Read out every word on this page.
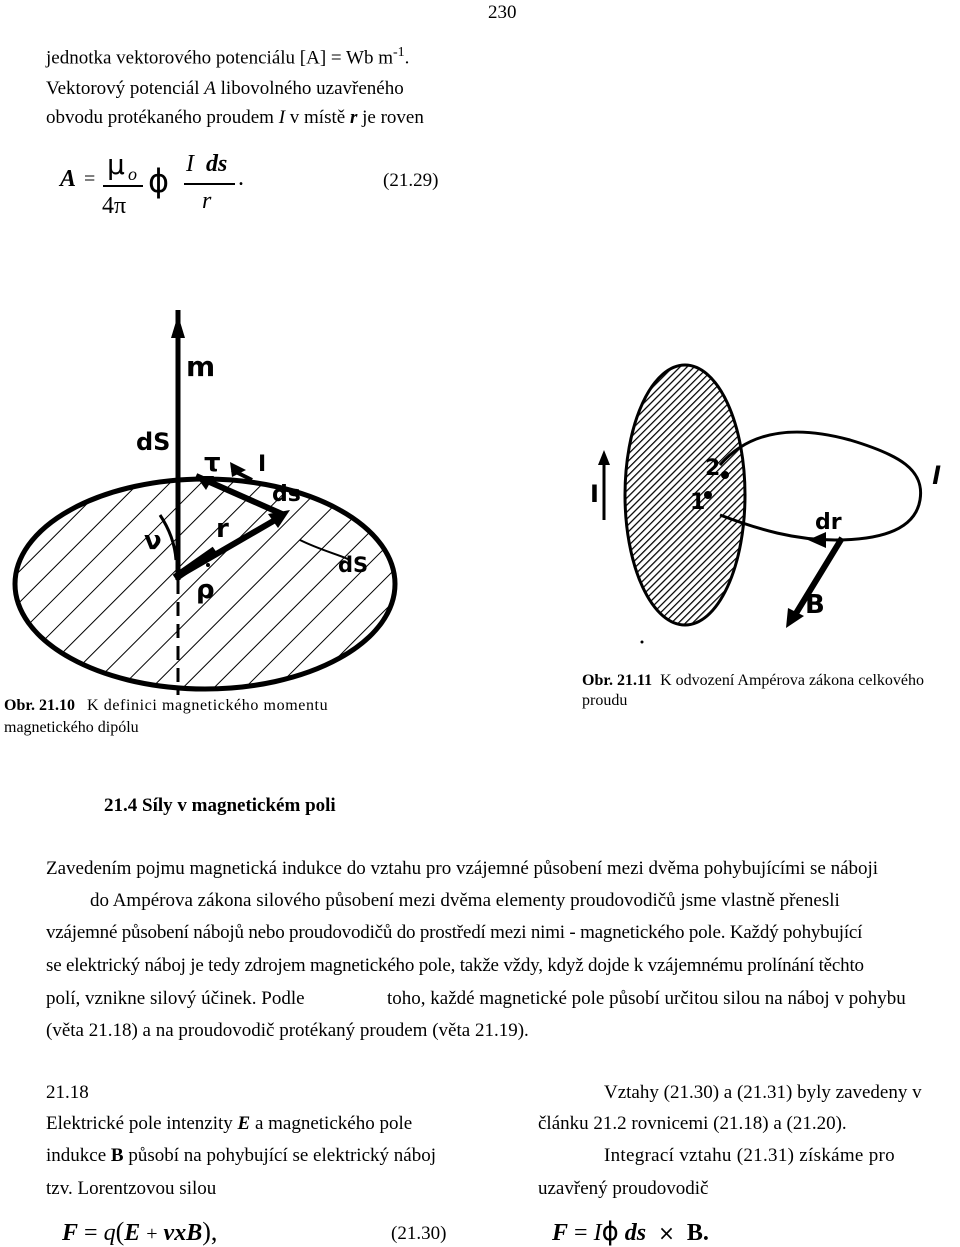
230
jednotka vektorového potenciálu [A] = Wb $m^{-1}$.
Vektorový potenciál A libovolného uzavřeného
obvodu protékaného proudem I v místě r je roven
A = μ o
4π
ϕ I ds
.
r
(21.29)
m
dS
τ I
ds
ν r
dS
ρ
Obr. 21.10 K definici magnetického momentu
magnetického dipólu
I
2
1
l
dr
B
Obr. 21.11 K odvození Ampérova zákona celkového
proudu
21.4 Síly v magnetickém poli
Zavedením pojmu magnetická indukce do vztahu pro vzájemné působení mezi dvěma pohybujícími se náboji
do Ampérova zákona silového působení mezi dvěma elementy proudovodičů jsme vlastně přenesli
vzájemné působení nábojů nebo proudovodičů do prostředí mezi nimi - magnetického pole. Každý pohybující
se elektrický náboj je tedy zdrojem magnetického pole, takže vždy, když dojde k vzájemnému prolínání těchto
polí, vznikne silový účinek. Podle	toho, každé magnetické pole působí určitou silou na náboj v pohybu
(věta 21.18) a na proudovodič protékaný proudem (věta 21.19).
21.18
Elektrické pole intenzity E a magnetického pole
indukce B působí na pohybující se elektrický náboj
tzv. Lorentzovou silou
Vztahy (21.30) a (21.31) byly zavedeny v
článku 21.2 rovnicemi (21.18) a (21.20).
Integrací vztahu (21.31) získáme pro
uzavřený proudovodič
F = q(E + vxB),	(21.30)	F = Iϕ ds × B.
